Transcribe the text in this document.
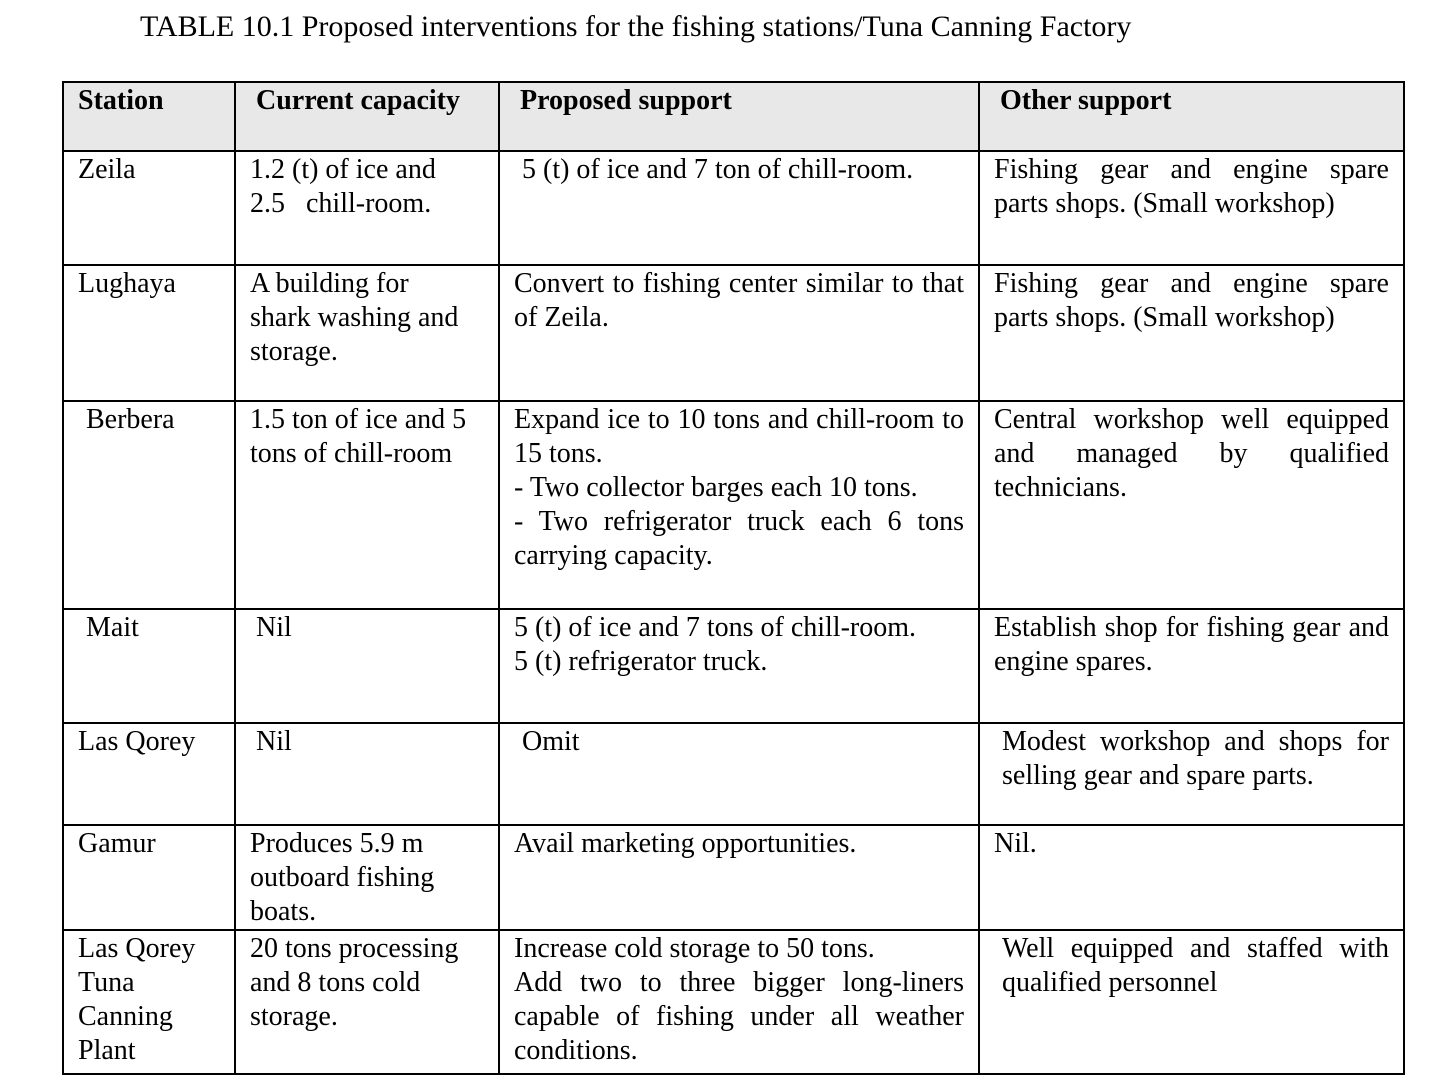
TABLE 10.1 Proposed interventions for the fishing stations/Tuna Canning Factory
Station	Current capacity	Proposed support	Other support
Zeila	1.2 (t) of ice and
2.5   chill-room.	5 (t) of ice and 7 ton of chill-room.	Fishing gear and engine spare parts shops. (Small workshop)
Lughaya	A building for
shark washing and
storage.	Convert to fishing center similar to that of Zeila.	Fishing gear and engine spare parts shops. (Small workshop)
Berbera	1.5 ton of ice and 5
tons of chill-room	Expand ice to 10 tons and chill-room to 15 tons.
- Two collector barges each 10 tons.
- Two refrigerator truck each 6 tons carrying capacity.	Central workshop well equipped and managed by qualified technicians.
Mait	Nil	5 (t) of ice and 7 tons of chill-room.
5 (t) refrigerator truck.	Establish shop for fishing gear and engine spares.
Las Qorey	Nil	Omit	Modest workshop and shops for selling gear and spare parts.
Gamur	Produces 5.9 m
outboard fishing
boats.	Avail marketing opportunities.	Nil.
Las Qorey
Tuna
Canning
Plant	20 tons processing
and 8 tons cold
storage.	Increase cold storage to 50 tons.
Add two to three bigger long-liners capable of fishing under all weather conditions.	Well equipped and staffed with qualified personnel
